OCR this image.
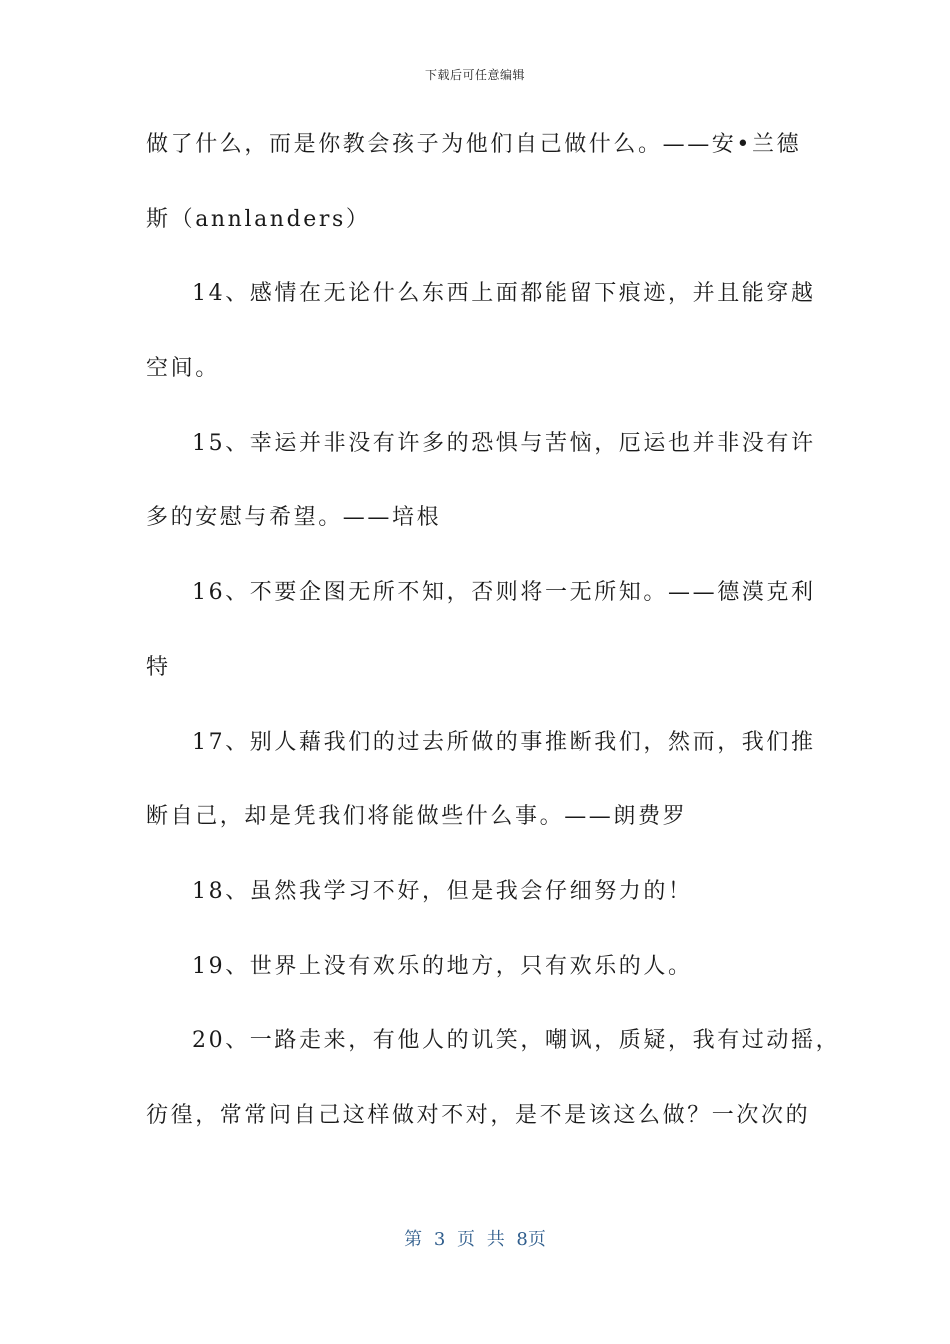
下载后可任意编辑
做了什么，而是你教会孩子为他们自己做什么。——安•兰德
斯（annlanders）
14、感情在无论什么东西上面都能留下痕迹，并且能穿越
空间。
15、幸运并非没有许多的恐惧与苦恼，厄运也并非没有许
多的安慰与希望。——培根
16、不要企图无所不知，否则将一无所知。——德漠克利
特
17、别人藉我们的过去所做的事推断我们，然而，我们推
断自己，却是凭我们将能做些什么事。——朗费罗
18、虽然我学习不好，但是我会仔细努力的！
19、世界上没有欢乐的地方，只有欢乐的人。
20、一路走来，有他人的讥笑，嘲讽，质疑，我有过动摇，
彷徨，常常问自己这样做对不对，是不是该这么做？一次次的
第 3 页 共 8页
